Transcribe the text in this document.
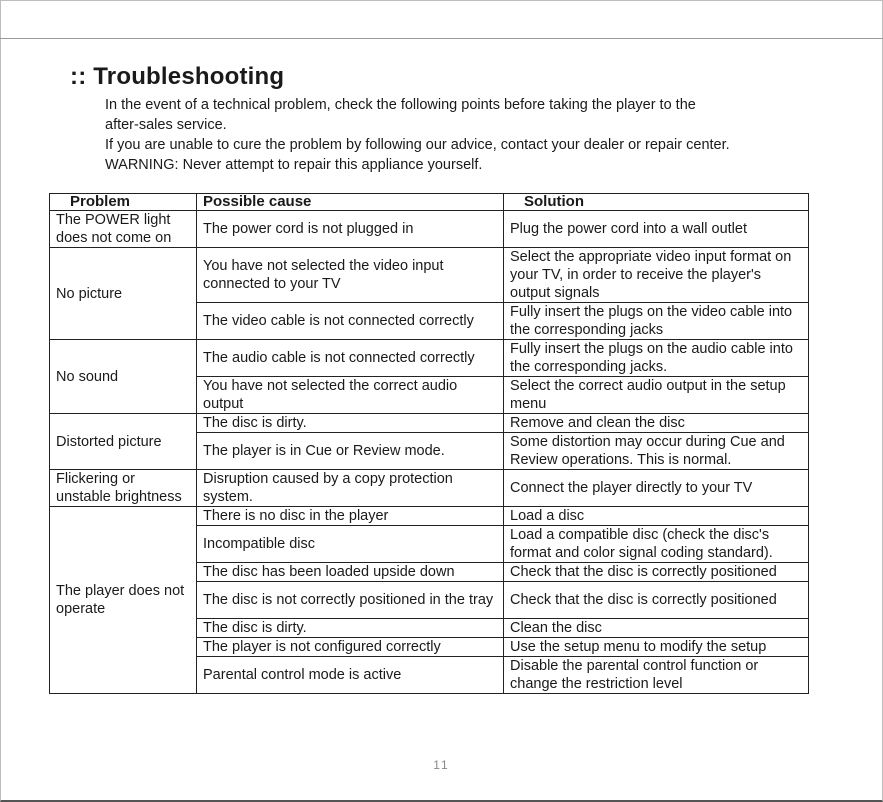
:: Troubleshooting

In the event of a technical problem, check the following points before taking the player to the

after-sales service.

If you are unable to cure the problem by following our advice, contact your dealer or repair center.

WARNING: Never attempt to repair this appliance yourself.

Problem	Possible cause	Solution
The POWER light does not come on	The power cord is not plugged in	Plug the power cord into a wall outlet
No picture	You have not selected the video input connected to your TV	Select the appropriate video input format on your TV, in order to receive the player's output signals
	The video cable is not connected correctly	Fully insert the plugs on the video cable into the corresponding jacks
No sound	The audio cable is not connected correctly	Fully insert the plugs on the audio cable into the corresponding jacks.
	You have not selected the correct audio output	Select the correct audio output in the setup menu
Distorted picture	The disc is dirty.	Remove and clean the disc
	The player is in Cue or Review mode.	Some distortion may occur during Cue and Review operations. This is normal.
Flickering or unstable brightness	Disruption caused by a copy protection system.	Connect the player directly to your TV
The player does not operate	There is no disc in the player	Load a disc
	Incompatible disc	Load a compatible disc (check the disc's format and color signal coding standard).
	The disc has been loaded upside down	Check that the disc is correctly positioned
	The disc is not correctly positioned in the tray	Check that the disc is correctly positioned
	The disc is dirty.	Clean the disc
	The player is not configured correctly	Use the setup menu to modify the setup
	Parental control mode is active	Disable the parental control function or change the restriction level
11
